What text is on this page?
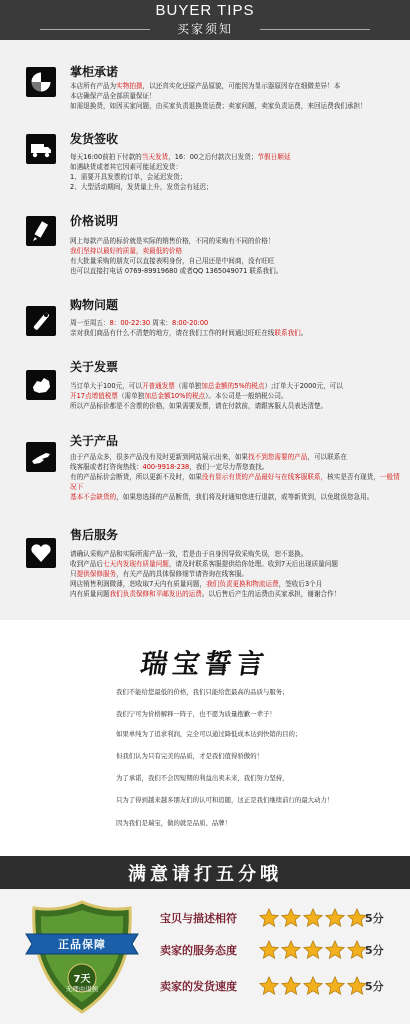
BUYER TIPS
买家须知
掌柜承诺
本店所有产品为实物拍摄，以还真实化还原产品原貌，可能因为显示器原因存在细微差异！本
本店确保产品全部质量保证！
如需退换货，如因买家问题，由买家负责退换货运费；卖家问题，卖家负责运费，来回运费我们承担！
发货签收
每天16:00前拍下付款的当天发货，16：00之后付款次日发货；节假日顺延
如遇缺货或者其它因素可能延迟发货：
1、需要开具发票的订单，会延迟发货；
2、大型活动期间，发货量上升，发货会有延迟；
价格说明
网上每款产品的标价就是实际的销售价格，不同的采购有不同的价格！
我们坚持以最好的质量，卖最低的价格
有大批量采购的朋友可以直接表明身份，自己用还是中间商，没有旺旺
也可以直接打电话 0769-89919680 或者QQ 1365049071 联系我们。
购物问题
周一至周五：8：00-22:30 周末：8:00-20:00
亲对我们商品有什么不清楚的地方，请在我们工作的时间通过旺旺在线联系我们。
关于发票
当订单大于100元，可以开普通发票（需单独加总金额的5%的税点）;订单大于2000元，可以
开17点增值税票（需单独加总金额10%的税点）。本公司是一般纳税公司。
所以产品标价都是不含票的价格，如果需要发票，请在付款前，请跟客服人员表达清楚。
关于产品
由于产品众多，很多产品没有及时更新到网站展示出来，如果找不到您需要的产品，可以联系在
线客服或者打咨询热线：400-9918-238，我们一定尽力帮您查找。
有的产品标价会断货，所以更新不及时，如果没有显示有货的产品最好与在线客服联系，核实是否有现货，一般情况下
基本不会缺货的，如果您选择的产品断货，我们将及时通知您进行退款，或等新货到，以免耽误您急用。
售后服务
请确认采购产品和实际所需产品一致，若是由于自身因导致采购失误，恕不退换。
收到产品后七天内发现有质量问题，请及时联系客服提供给你处理。收到7天后出现质量问题
只提供保修服务，有关产品的具体保修细节请咨询在线客服。
网店销售利润微薄，恕收取7天内有质量问题，我们负责更换和物流运费，签收后3个月
内有质量问题我们负责保修和平邮发出的运费。以后售后产生的运费由买家承担，谢谢合作！
瑞宝誓言
我们不能给您最低的价格，我们只能给您最高的品质与服务；
我们宁可为价格解释一阵子，也不愿为质量抱歉一辈子！
如果单纯为了追求利润，完全可以通过降低成本达到快销的目的；
但我们认为只有完美的品质，才是我们值得骄傲的！
为了承诺，我们不会因短期的利益出卖未来，我们努力坚持，
只为了得到越来越多朋友们的认可和追随，这正是我们继续前行的最大动力！
因为我们是瑞宝，做的就是品质、品牌！
满意请打五分哦
宝贝与描述相符	5分
卖家的服务态度	5分
卖家的发货速度	5分
正品保障
7天
无理由退换
